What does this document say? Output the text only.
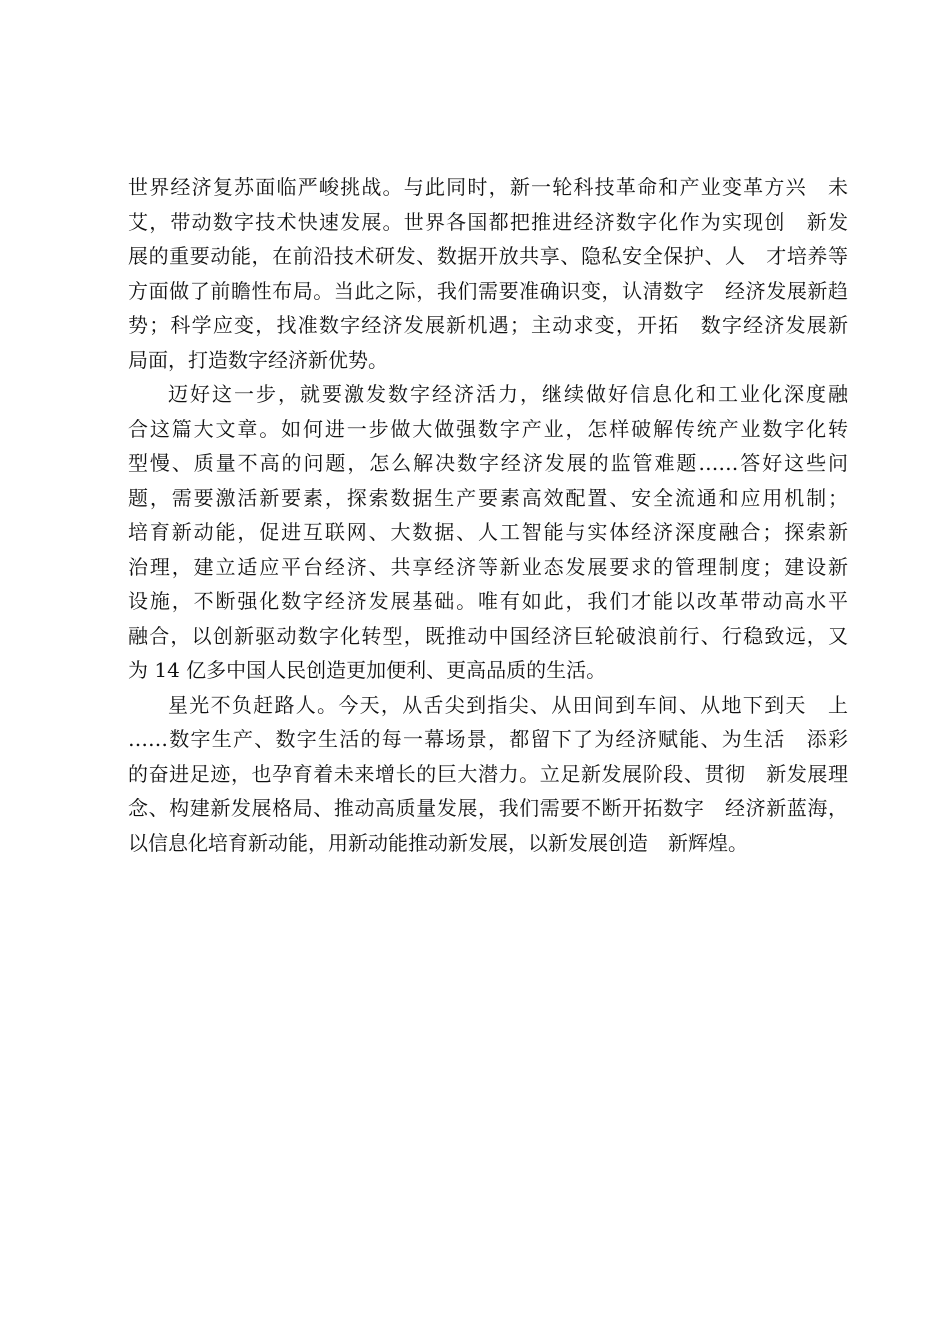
世界经济复苏面临严峻挑战。与此同时，新一轮科技革命和产业变革方兴　未
艾，带动数字技术快速发展。世界各国都把推进经济数字化作为实现创　新发
展的重要动能，在前沿技术研发、数据开放共享、隐私安全保护、人　才培养等
方面做了前瞻性布局。当此之际，我们需要准确识变，认清数字　经济发展新趋
势；科学应变，找准数字经济发展新机遇；主动求变，开拓　数字经济发展新
局面，打造数字经济新优势。
迈好这一步，就要激发数字经济活力，继续做好信息化和工业化深度融
合这篇大文章。如何进一步做大做强数字产业，怎样破解传统产业数字化转
型慢、质量不高的问题，怎么解决数字经济发展的监管难题……答好这些问
题，需要激活新要素，探索数据生产要素高效配置、安全流通和应用机制；
培育新动能，促进互联网、大数据、人工智能与实体经济深度融合；探索新
治理，建立适应平台经济、共享经济等新业态发展要求的管理制度；建设新
设施，不断强化数字经济发展基础。唯有如此，我们才能以改革带动高水平
融合，以创新驱动数字化转型，既推动中国经济巨轮破浪前行、行稳致远，又
为 14 亿多中国人民创造更加便利、更高品质的生活。
星光不负赶路人。今天，从舌尖到指尖、从田间到车间、从地下到天　上
……数字生产、数字生活的每一幕场景，都留下了为经济赋能、为生活　添彩
的奋进足迹，也孕育着未来增长的巨大潜力。立足新发展阶段、贯彻　新发展理
念、构建新发展格局、推动高质量发展，我们需要不断开拓数字　经济新蓝海，
以信息化培育新动能，用新动能推动新发展，以新发展创造　新辉煌。
